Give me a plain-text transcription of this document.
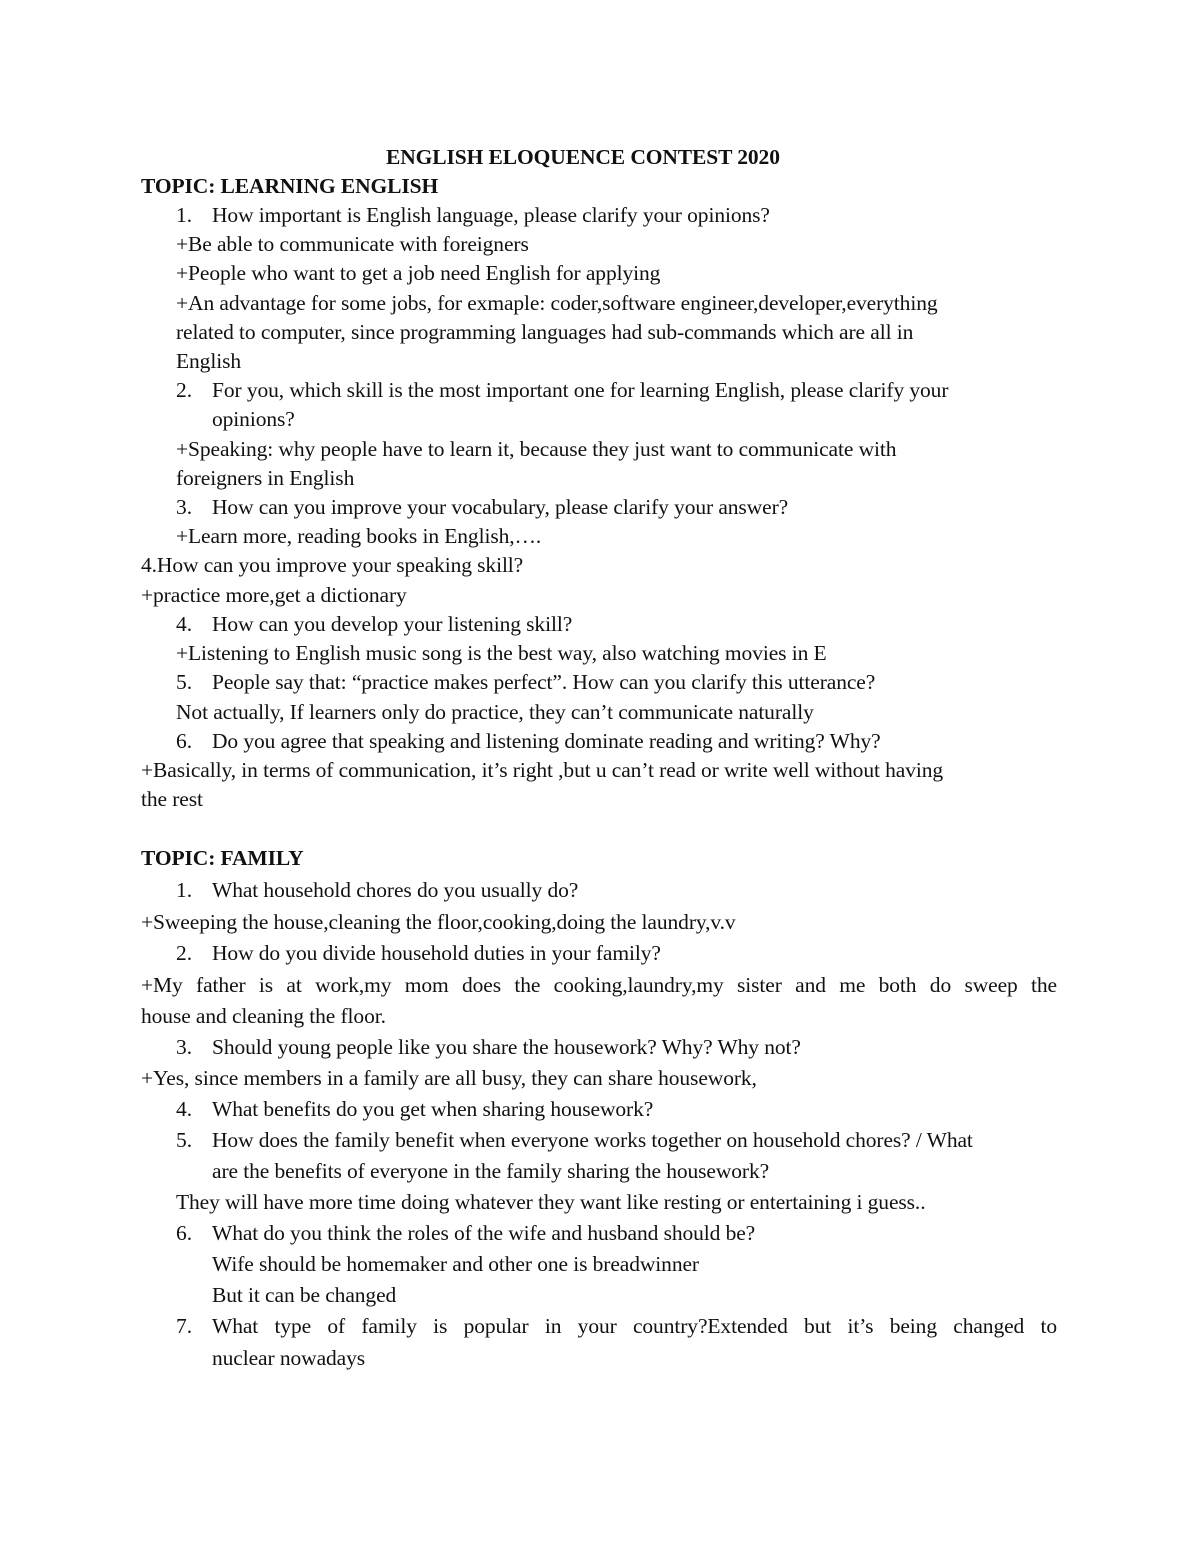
ENGLISH ELOQUENCE CONTEST 2020
TOPIC: LEARNING ENGLISH
1. How important is English language, please clarify your opinions?
+Be able to communicate with foreigners
+People who want to get a job need English for applying
+An advantage for some jobs, for exmaple: coder,software engineer,developer,everything
related to computer, since programming languages had sub-commands which are all in
English
2. For you, which skill is the most important one for learning English, please clarify your
opinions?
+Speaking: why people have to learn it, because they just want to communicate with
foreigners in English
3. How can you improve your vocabulary, please clarify your answer?
+Learn more, reading books in English,….
4.How can you improve your speaking skill?
+practice more,get a dictionary
4. How can you develop your listening skill?
+Listening to English music song is the best way, also watching movies in E
5. People say that: “practice makes perfect”. How can you clarify this utterance?
Not actually, If learners only do practice, they can’t communicate naturally
6. Do you agree that speaking and listening dominate reading and writing? Why?
+Basically, in terms of communication, it’s right ,but u can’t read or write well without having
the rest
TOPIC: FAMILY
1. What household chores do you usually do?
+Sweeping the house,cleaning the floor,cooking,doing the laundry,v.v
2. How do you divide household duties in your family?
+My father is at work,my mom does the cooking,laundry,my sister and me both do sweep the
house and cleaning the floor.
3. Should young people like you share the housework? Why? Why not?
+Yes, since members in a family are all busy, they can share housework,
4. What benefits do you get when sharing housework?
5. How does the family benefit when everyone works together on household chores? / What
are the benefits of everyone in the family sharing the housework?
They will have more time doing whatever they want like resting or entertaining i guess..
6. What do you think the roles of the wife and husband should be?
Wife should be homemaker and other one is breadwinner
But it can be changed
7. What type of family is popular in your country?Extended but it’s being changed to
nuclear nowadays
